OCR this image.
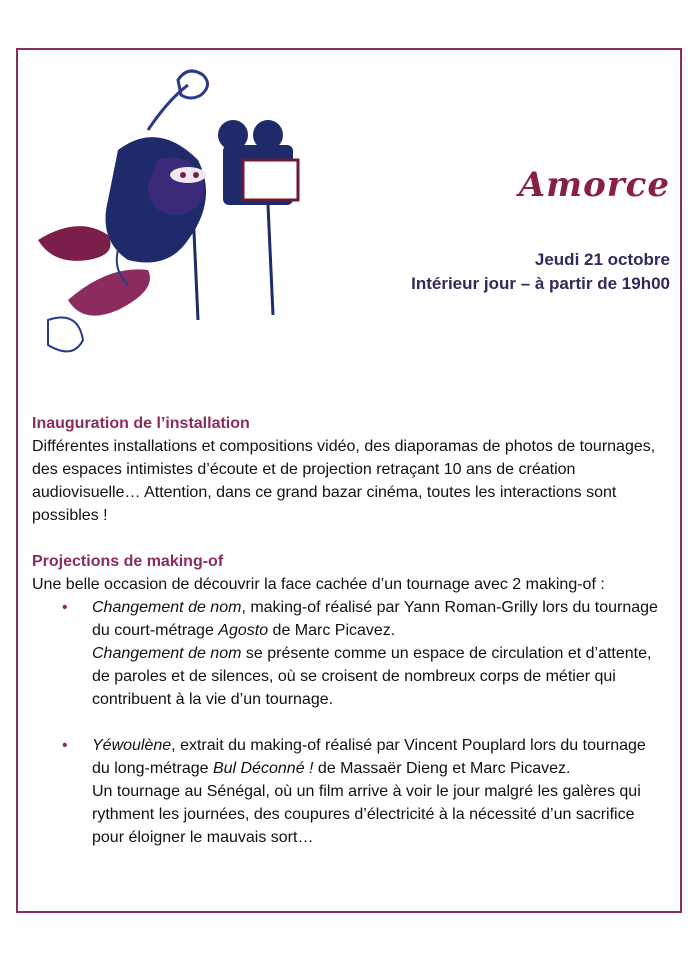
Amorce
Jeudi 21 octobre
Intérieur jour – à partir de 19h00
Inauguration de l’installation

Différentes installations et compositions vidéo, des diaporamas de photos de tournages, des espaces intimistes d’écoute et de projection retraçant 10 ans de création audiovisuelle… Attention, dans ce grand bazar cinéma, toutes les interactions sont possibles !

Projections de making-of

Une belle occasion de découvrir la face cachée d’un tournage avec 2 making-of :

• Changement de nom, making-of réalisé par Yann Roman-Grilly lors du tournage du court-métrage Agosto de Marc Picavez.

Changement de nom se présente comme un espace de circulation et d’attente, de paroles et de silences, où se croisent de nombreux corps de métier qui contribuent à la vie d’un tournage.

• Yéwoulène, extrait du making-of réalisé par Vincent Pouplard lors du tournage du long-métrage Bul Déconné ! de Massaër Dieng et Marc Picavez.

Un tournage au Sénégal, où un film arrive à voir le jour malgré les galères qui rythment les journées, des coupures d’électricité à la nécessité d’un sacrifice pour éloigner le mauvais sort…
